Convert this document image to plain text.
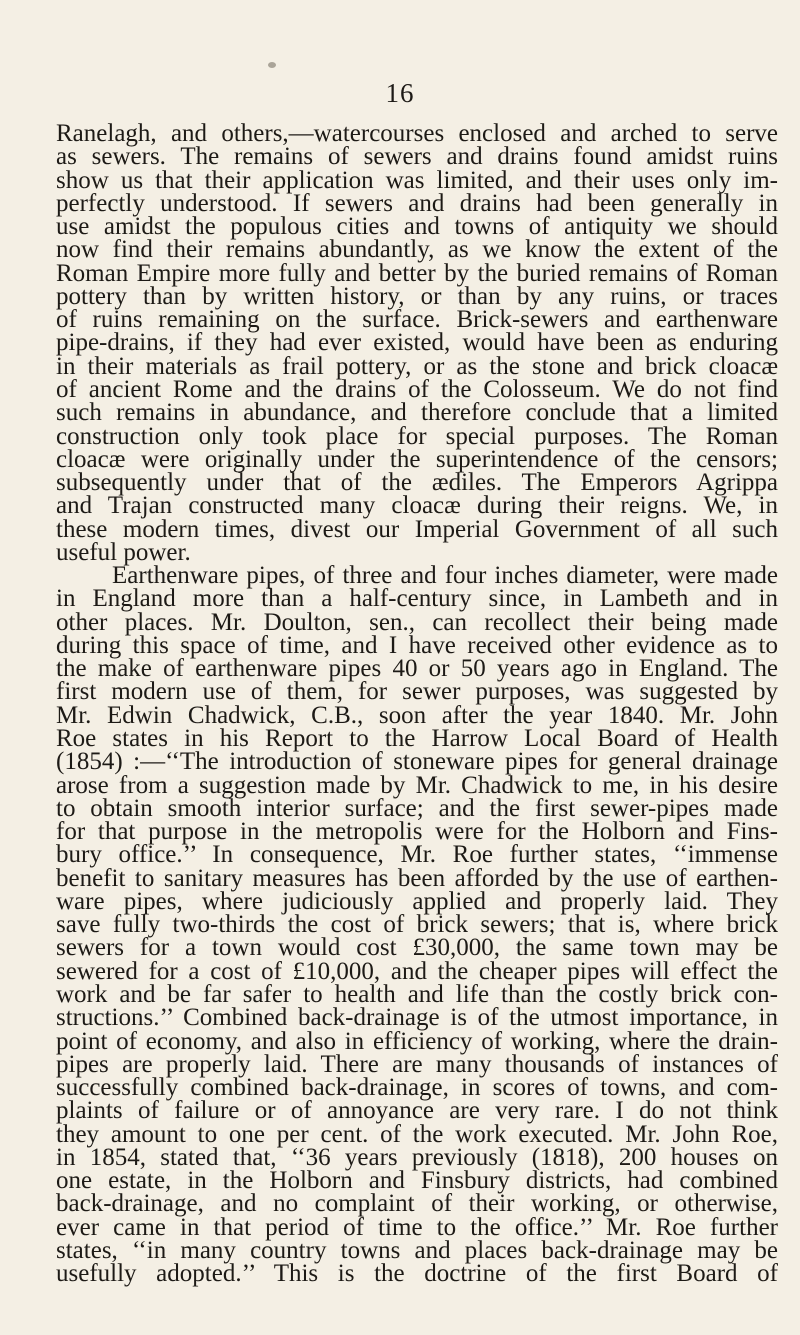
16
Ranelagh, and others,—watercourses enclosed and arched to serve
as sewers. The remains of sewers and drains found amidst ruins
show us that their application was limited, and their uses only im-
perfectly understood. If sewers and drains had been generally in
use amidst the populous cities and towns of antiquity we should
now find their remains abundantly, as we know the extent of the
Roman Empire more fully and better by the buried remains of Roman
pottery than by written history, or than by any ruins, or traces
of ruins remaining on the surface. Brick-sewers and earthenware
pipe-drains, if they had ever existed, would have been as enduring
in their materials as frail pottery, or as the stone and brick cloacæ
of ancient Rome and the drains of the Colosseum. We do not find
such remains in abundance, and therefore conclude that a limited
construction only took place for special purposes. The Roman
cloacæ were originally under the superintendence of the censors;
subsequently under that of the ædiles. The Emperors Agrippa
and Trajan constructed many cloacæ during their reigns. We, in
these modern times, divest our Imperial Government of all such
useful power.
Earthenware pipes, of three and four inches diameter, were made
in England more than a half-century since, in Lambeth and in
other places. Mr. Doulton, sen., can recollect their being made
during this space of time, and I have received other evidence as to
the make of earthenware pipes 40 or 50 years ago in England. The
first modern use of them, for sewer purposes, was suggested by
Mr. Edwin Chadwick, C.B., soon after the year 1840. Mr. John
Roe states in his Report to the Harrow Local Board of Health
(1854) :—‘‘The introduction of stoneware pipes for general drainage
arose from a suggestion made by Mr. Chadwick to me, in his desire
to obtain smooth interior surface; and the first sewer-pipes made
for that purpose in the metropolis were for the Holborn and Fins-
bury office.’’ In consequence, Mr. Roe further states, ‘‘immense
benefit to sanitary measures has been afforded by the use of earthen-
ware pipes, where judiciously applied and properly laid. They
save fully two-thirds the cost of brick sewers; that is, where brick
sewers for a town would cost £30,000, the same town may be
sewered for a cost of £10,000, and the cheaper pipes will effect the
work and be far safer to health and life than the costly brick con-
structions.’’ Combined back-drainage is of the utmost importance, in
point of economy, and also in efficiency of working, where the drain-
pipes are properly laid. There are many thousands of instances of
successfully combined back-drainage, in scores of towns, and com-
plaints of failure or of annoyance are very rare. I do not think
they amount to one per cent. of the work executed. Mr. John Roe,
in 1854, stated that, ‘‘36 years previously (1818), 200 houses on
one estate, in the Holborn and Finsbury districts, had combined
back-drainage, and no complaint of their working, or otherwise,
ever came in that period of time to the office.’’ Mr. Roe further
states, ‘‘in many country towns and places back-drainage may be
usefully adopted.’’ This is the doctrine of the first Board of
